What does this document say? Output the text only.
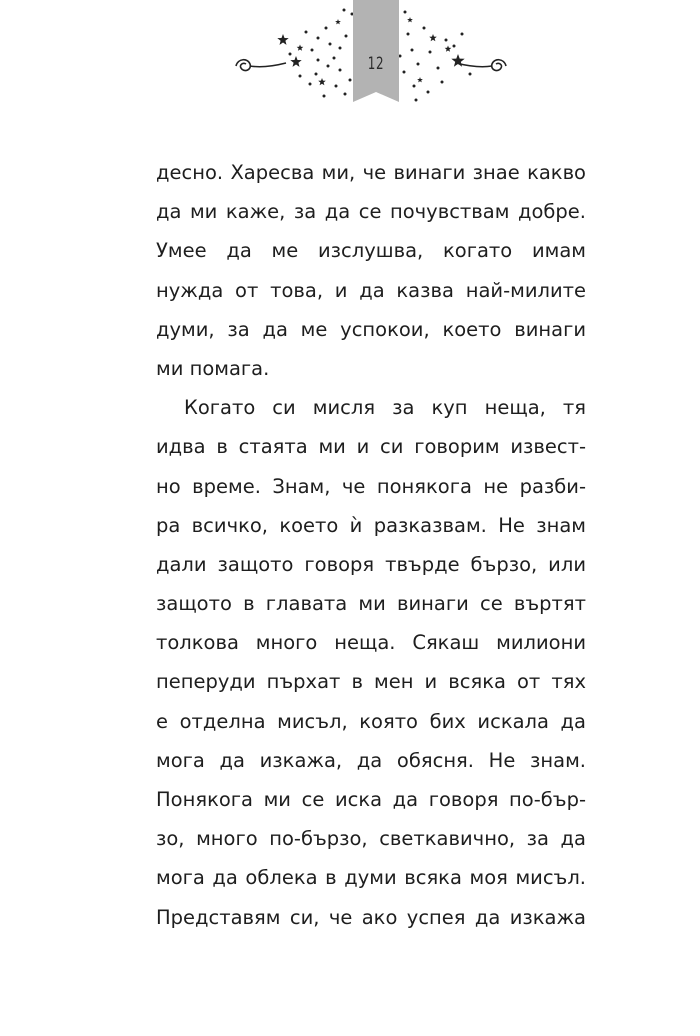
12
десно. Харесва ми, че винаги знае какво
да ми каже, за да се почувствам добре.
Умее да ме изслушва, когато имам
нужда от това, и да казва най-милите
думи, за да ме успокои, което винаги
ми помага.
Когато си мисля за куп неща, тя
идва в стаята ми и си говорим извест-
но време. Знам, че понякога не разби-
ра всичко, което ѝ разказвам. Не знам
дали защото говоря твърде бързо, или
защото в главата ми винаги се въртят
толкова много неща. Сякаш милиони
пеперуди пърхат в мен и всяка от тях
е отделна мисъл, която бих искала да
мога да изкажа, да обясня. Не знам.
Понякога ми се иска да говоря по-бър-
зо, много по-бързо, светкавично, за да
мога да облека в думи всяка моя мисъл.
Представям си, че ако успея да изкажа
